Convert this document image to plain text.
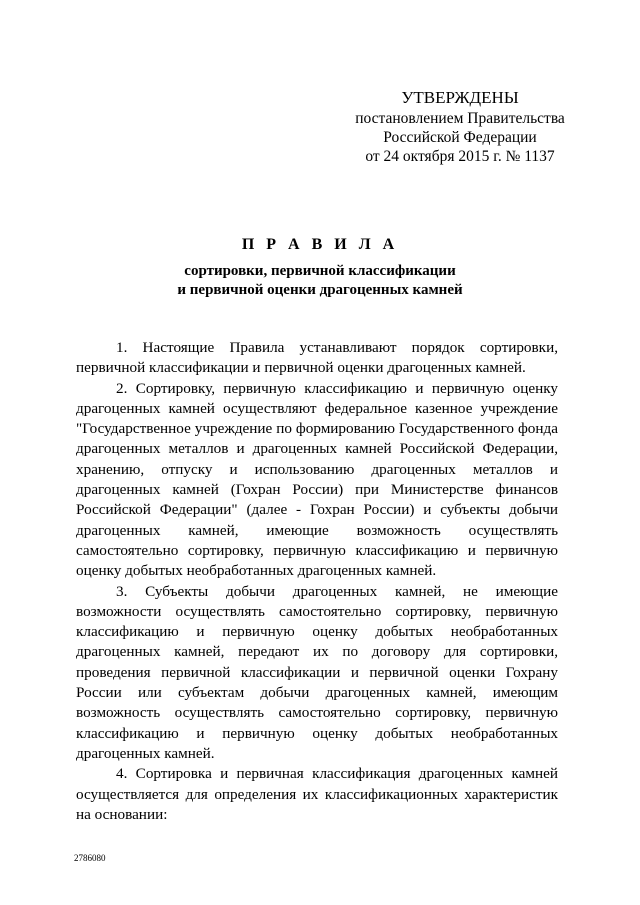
УТВЕРЖДЕНЫ
постановлением Правительства
Российской Федерации
от 24 октября 2015 г. № 1137
П Р А В И Л А
сортировки, первичной классификации
и первичной оценки драгоценных камней

1. Настоящие Правила устанавливают порядок сортировки, первичной классификации и первичной оценки драгоценных камней.

2. Сортировку, первичную классификацию и первичную оценку драгоценных камней осуществляют федеральное казенное учреждение "Государственное учреждение по формированию Государственного фонда драгоценных металлов и драгоценных камней Российской Федерации, хранению, отпуску и использованию драгоценных металлов и драгоценных камней (Гохран России) при Министерстве финансов Российской Федерации" (далее - Гохран России) и субъекты добычи драгоценных камней, имеющие возможность осуществлять самостоятельно сортировку, первичную классификацию и первичную оценку добытых необработанных драгоценных камней.

3. Субъекты добычи драгоценных камней, не имеющие возможности осуществлять самостоятельно сортировку, первичную классификацию и первичную оценку добытых необработанных драгоценных камней, передают их по договору для сортировки, проведения первичной классификации и первичной оценки Гохрану России или субъектам добычи драгоценных камней, имеющим возможность осуществлять самостоятельно сортировку, первичную классификацию и первичную оценку добытых необработанных драгоценных камней.

4. Сортировка и первичная классификация драгоценных камней осуществляется для определения их классификационных характеристик на основании:

2786080
